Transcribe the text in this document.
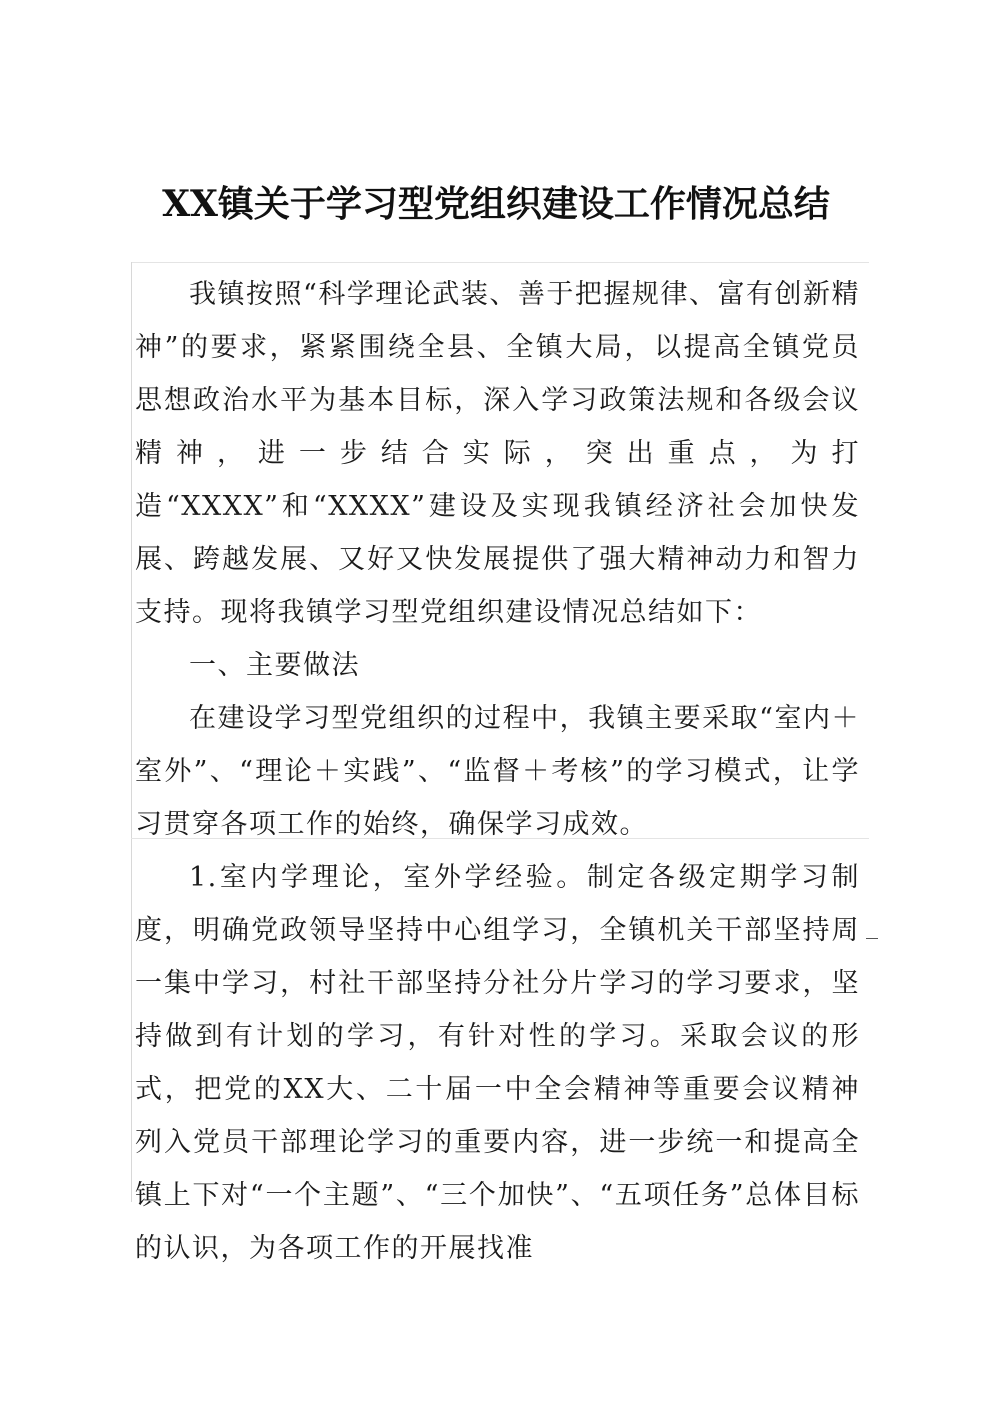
XX镇关于学习型党组织建设工作情况总结

我镇按照“科学理论武装、善于把握规律、富有创新精神”的要求，紧紧围绕全县、全镇大局，以提高全镇党员思想政治水平为基本目标，深入学习政策法规和各级会议精神，进一步结合实际，突出重点，为打造“XXXX”和“XXXX”建设及实现我镇经济社会加快发展、跨越发展、又好又快发展提供了强大精神动力和智力支持。现将我镇学习型党组织建设情况总结如下：

一、主要做法

在建设学习型党组织的过程中，我镇主要采取“室内＋室外”、“理论＋实践”、“监督＋考核”的学习模式，让学习贯穿各项工作的始终，确保学习成效。

1.室内学理论，室外学经验。制定各级定期学习制度，明确党政领导坚持中心组学习，全镇机关干部坚持周一集中学习，村社干部坚持分社分片学习的学习要求，坚持做到有计划的学习，有针对性的学习。采取会议的形式，把党的XX大、二十届一中全会精神等重要会议精神列入党员干部理论学习的重要内容，进一步统一和提高全镇上下对“一个主题”、“三个加快”、“五项任务”总体目标的认识，为各项工作的开展找准
